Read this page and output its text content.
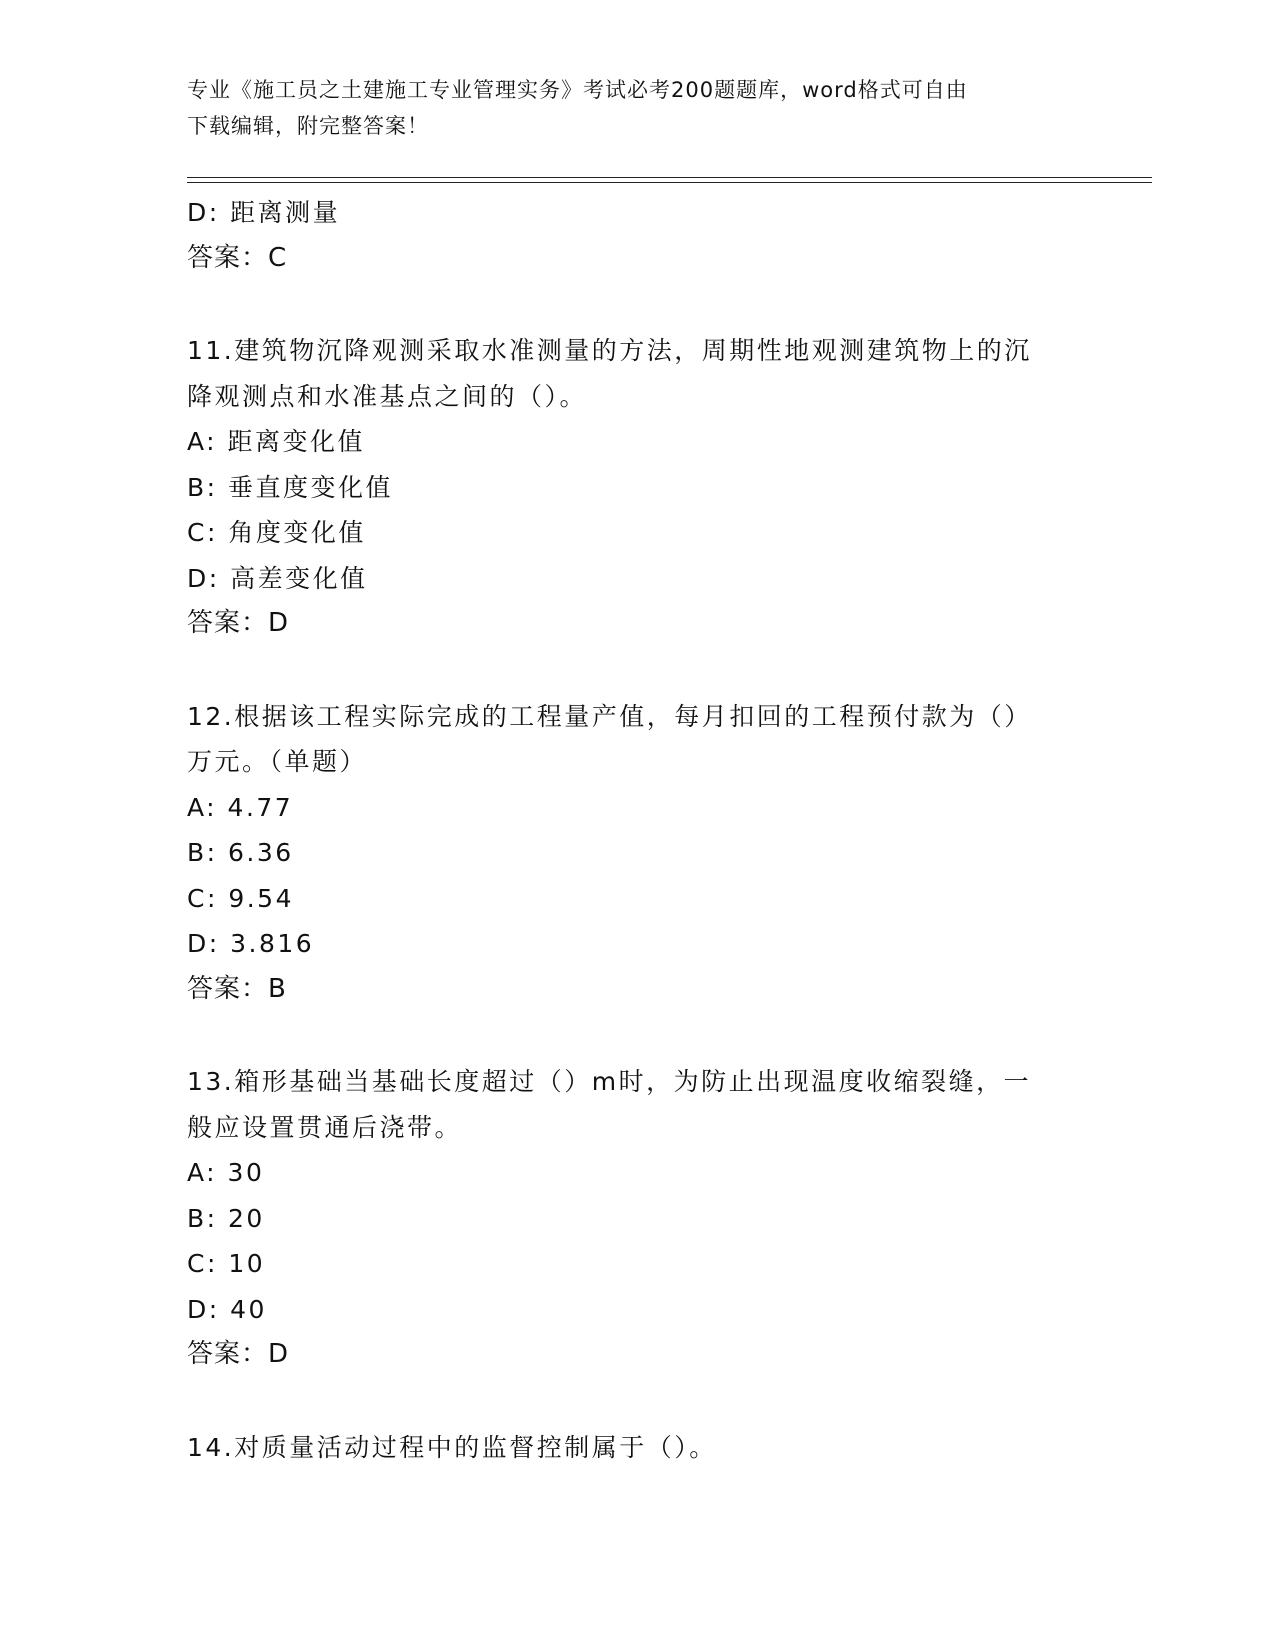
专业《施工员之土建施工专业管理实务》考试必考200题题库，word格式可自由
下载编辑，附完整答案！
D: 距离测量
答案：C
11.建筑物沉降观测采取水准测量的方法，周期性地观测建筑物上的沉
降观测点和水准基点之间的（）。
A: 距离变化值
B: 垂直度变化值
C: 角度变化值
D: 高差变化值
答案：D
12.根据该工程实际完成的工程量产值，每月扣回的工程预付款为（）
万元。（单题）
A: 4.77
B: 6.36
C: 9.54
D: 3.816
答案：B
13.箱形基础当基础长度超过（）m时，为防止出现温度收缩裂缝，一
般应设置贯通后浇带。
A: 30
B: 20
C: 10
D: 40
答案：D
14.对质量活动过程中的监督控制属于（）。
